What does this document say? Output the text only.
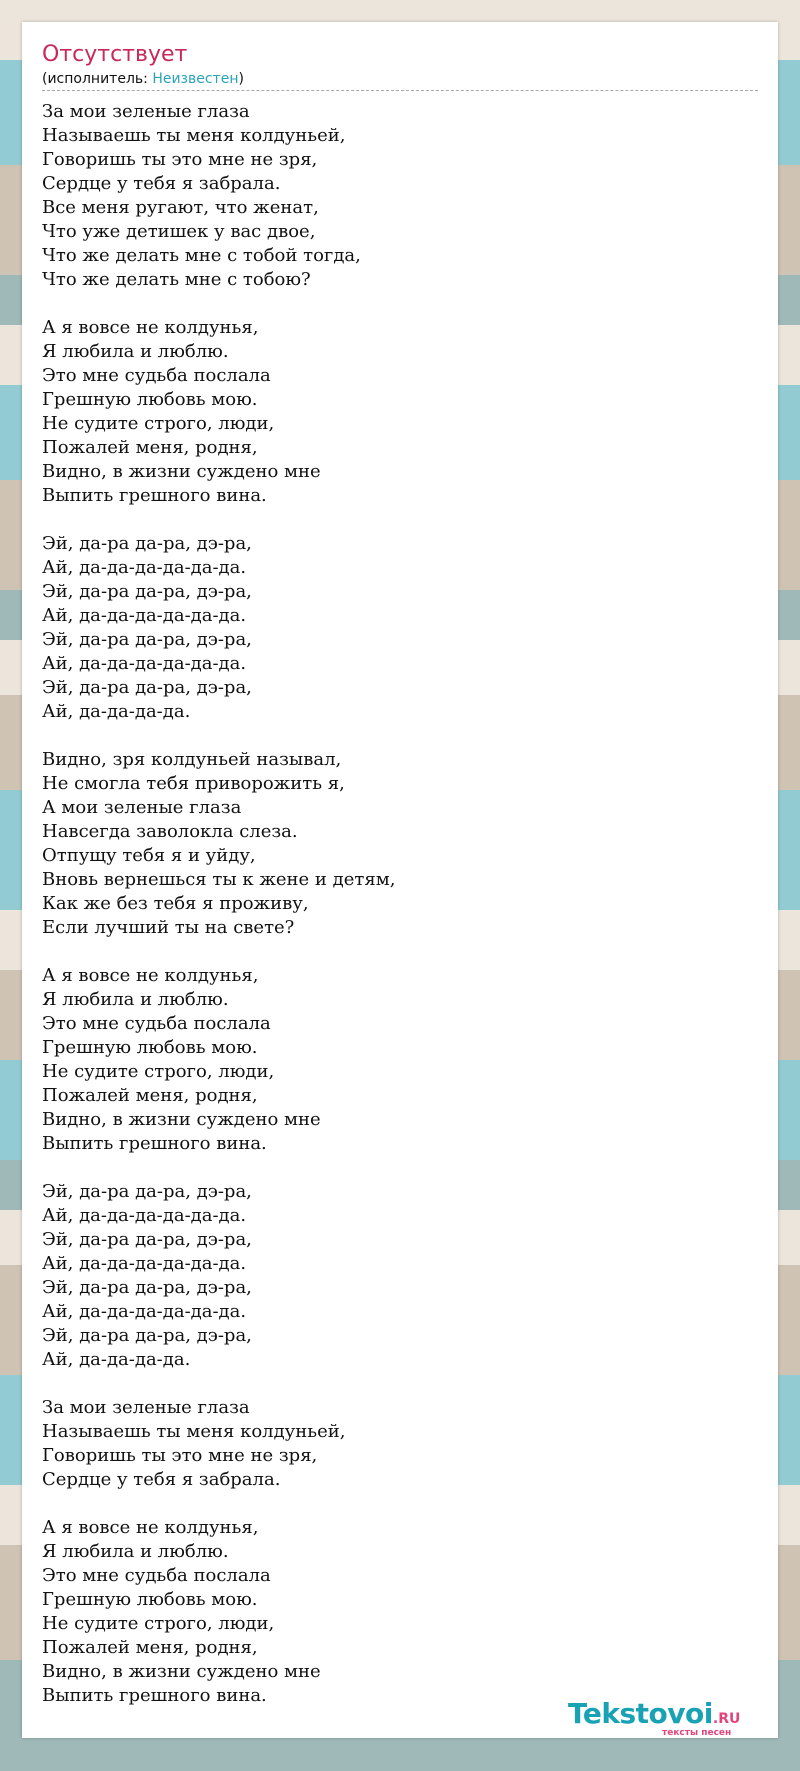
Отсутствует
(исполнитель: Неизвестен)
За мои зеленые глаза
Называешь ты меня колдуньей,
Говоришь ты это мне не зря,
Сердце у тебя я забрала.
Все меня ругают, что женат,
Что уже детишек у вас двое,
Что же делать мне с тобой тогда,
Что же делать мне с тобою?
А я вовсе не колдунья,
Я любила и люблю.
Это мне судьба послала
Грешную любовь мою.
Не судите строго, люди,
Пожалей меня, родня,
Видно, в жизни суждено мне
Выпить грешного вина.
Эй, да-ра да-ра, дэ-ра,
Ай, да-да-да-да-да-да.
Эй, да-ра да-ра, дэ-ра,
Ай, да-да-да-да-да-да.
Эй, да-ра да-ра, дэ-ра,
Ай, да-да-да-да-да-да.
Эй, да-ра да-ра, дэ-ра,
Ай, да-да-да-да.
Видно, зря колдуньей называл,
Не смогла тебя приворожить я,
А мои зеленые глаза
Навсегда заволокла слеза.
Отпущу тебя я и уйду,
Вновь вернешься ты к жене и детям,
Как же без тебя я проживу,
Если лучший ты на свете?
А я вовсе не колдунья,
Я любила и люблю.
Это мне судьба послала
Грешную любовь мою.
Не судите строго, люди,
Пожалей меня, родня,
Видно, в жизни суждено мне
Выпить грешного вина.
Эй, да-ра да-ра, дэ-ра,
Ай, да-да-да-да-да-да.
Эй, да-ра да-ра, дэ-ра,
Ай, да-да-да-да-да-да.
Эй, да-ра да-ра, дэ-ра,
Ай, да-да-да-да-да-да.
Эй, да-ра да-ра, дэ-ра,
Ай, да-да-да-да.
За мои зеленые глаза
Называешь ты меня колдуньей,
Говоришь ты это мне не зря,
Сердце у тебя я забрала.
А я вовсе не колдунья,
Я любила и люблю.
Это мне судьба послала
Грешную любовь мою.
Не судите строго, люди,
Пожалей меня, родня,
Видно, в жизни суждено мне
Выпить грешного вина.
Tekstovoi.RU
тексты песен
